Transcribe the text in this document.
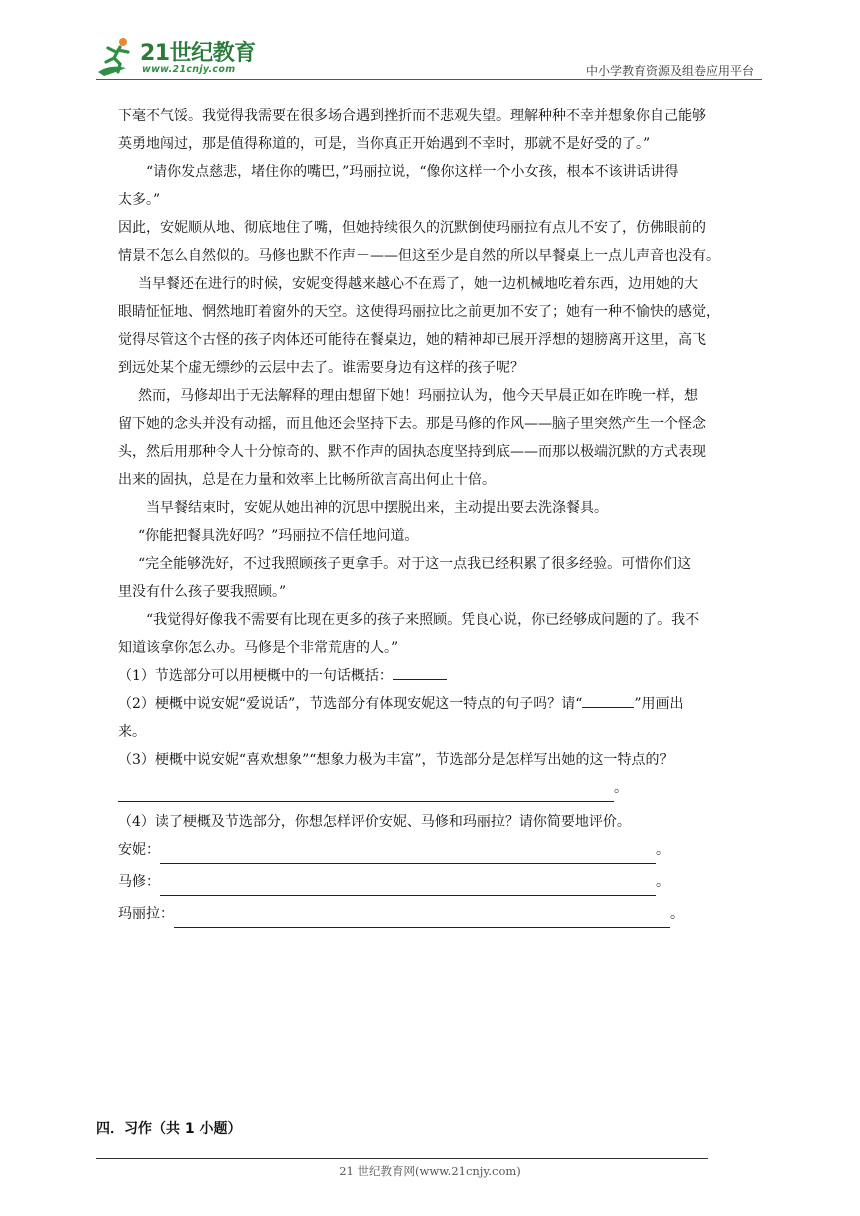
21世纪教育
www.21cnjy.com	中小学教育资源及组卷应用平台
下毫不气馁。我觉得我需要在很多场合遇到挫折而不悲观失望。理解种种不幸并想象你自己能够
英勇地闯过，那是值得称道的，可是，当你真正开始遇到不幸时，那就不是好受的了。”
“请你发点慈悲，堵住你的嘴巴，”玛丽拉说，“像你这样一个小女孩，根本不该讲话讲得
太多。”
因此，安妮顺从地、彻底地住了嘴，但她持续很久的沉默倒使玛丽拉有点儿不安了，仿佛眼前的
情景不怎么自然似的。马修也默不作声－——但这至少是自然的所以早餐桌上一点儿声音也没有。
当早餐还在进行的时候，安妮变得越来越心不在焉了，她一边机械地吃着东西，边用她的大
眼睛怔怔地、惘然地盯着窗外的天空。这使得玛丽拉比之前更加不安了；她有一种不愉快的感觉，
觉得尽管这个古怪的孩子肉体还可能待在餐桌边，她的精神却已展开浮想的翅膀离开这里，高飞
到远处某个虚无缥纱的云层中去了。谁需要身边有这样的孩子呢？
然而，马修却出于无法解释的理由想留下她！玛丽拉认为，他今天早晨正如在昨晚一样，想
留下她的念头并没有动摇，而且他还会坚持下去。那是马修的作风——脑子里突然产生一个怪念
头，然后用那种令人十分惊奇的、默不作声的固执态度坚持到底——而那以极端沉默的方式表现
出来的固执，总是在力量和效率上比畅所欲言高出何止十倍。
当早餐结束时，安妮从她出神的沉思中摆脱出来，主动提出要去洗涤餐具。
“你能把餐具洗好吗？”玛丽拉不信任地问道。
“完全能够洗好，不过我照顾孩子更拿手。对于这一点我已经积累了很多经验。可惜你们这
里没有什么孩子要我照顾。”
“我觉得好像我不需要有比现在更多的孩子来照顾。凭良心说，你已经够成问题的了。我不
知道该拿你怎么办。马修是个非常荒唐的人。”
（1）节选部分可以用梗概中的一句话概括：
（2）梗概中说安妮“爱说话”，节选部分有体现安妮这一特点的句子吗？请“	”用画出
来。
（3）梗概中说安妮“喜欢想象”“想象力极为丰富”，节选部分是怎样写出她的这一特点的？
。
（4）读了梗概及节选部分，你想怎样评价安妮、马修和玛丽拉？请你简要地评价。
安妮：	。
马修：	。
玛丽拉：	。
四．习作（共 1 小题）
21 世纪教育网(www.21cnjy.com)
